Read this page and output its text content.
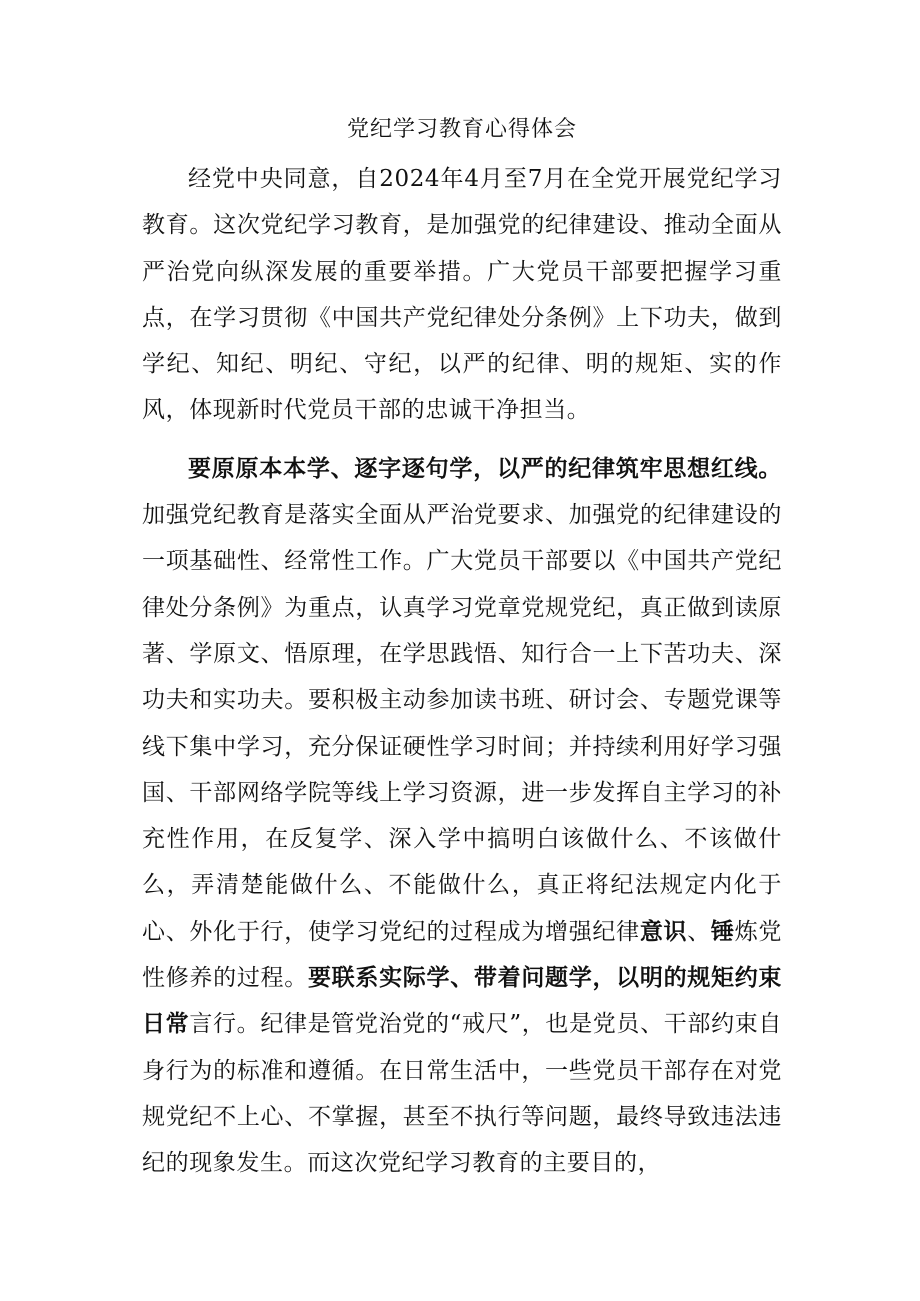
党纪学习教育心得体会

经党中央同意，自2024年4月至7月在全党开展党纪学习教育。这次党纪学习教育，是加强党的纪律建设、推动全面从严治党向纵深发展的重要举措。广大党员干部要把握学习重点，在学习贯彻《中国共产党纪律处分条例》上下功夫，做到学纪、知纪、明纪、守纪，以严的纪律、明的规矩、实的作风，体现新时代党员干部的忠诚干净担当。

要原原本本学、逐字逐句学，以严的纪律筑牢思想红线。加强党纪教育是落实全面从严治党要求、加强党的纪律建设的一项基础性、经常性工作。广大党员干部要以《中国共产党纪律处分条例》为重点，认真学习党章党规党纪，真正做到读原著、学原文、悟原理，在学思践悟、知行合一上下苦功夫、深功夫和实功夫。要积极主动参加读书班、研讨会、专题党课等线下集中学习，充分保证硬性学习时间；并持续利用好学习强国、干部网络学院等线上学习资源，进一步发挥自主学习的补充性作用，在反复学、深入学中搞明白该做什么、不该做什么，弄清楚能做什么、不能做什么，真正将纪法规定内化于心、外化于行，使学习党纪的过程成为增强纪律意识、锤炼党性修养的过程。要联系实际学、带着问题学，以明的规矩约束日常言行。纪律是管党治党的“戒尺”，也是党员、干部约束自身行为的标准和遵循。在日常生活中，一些党员干部存在对党规党纪不上心、不掌握，甚至不执行等问题，最终导致违法违纪的现象发生。而这次党纪学习教育的主要目的，
